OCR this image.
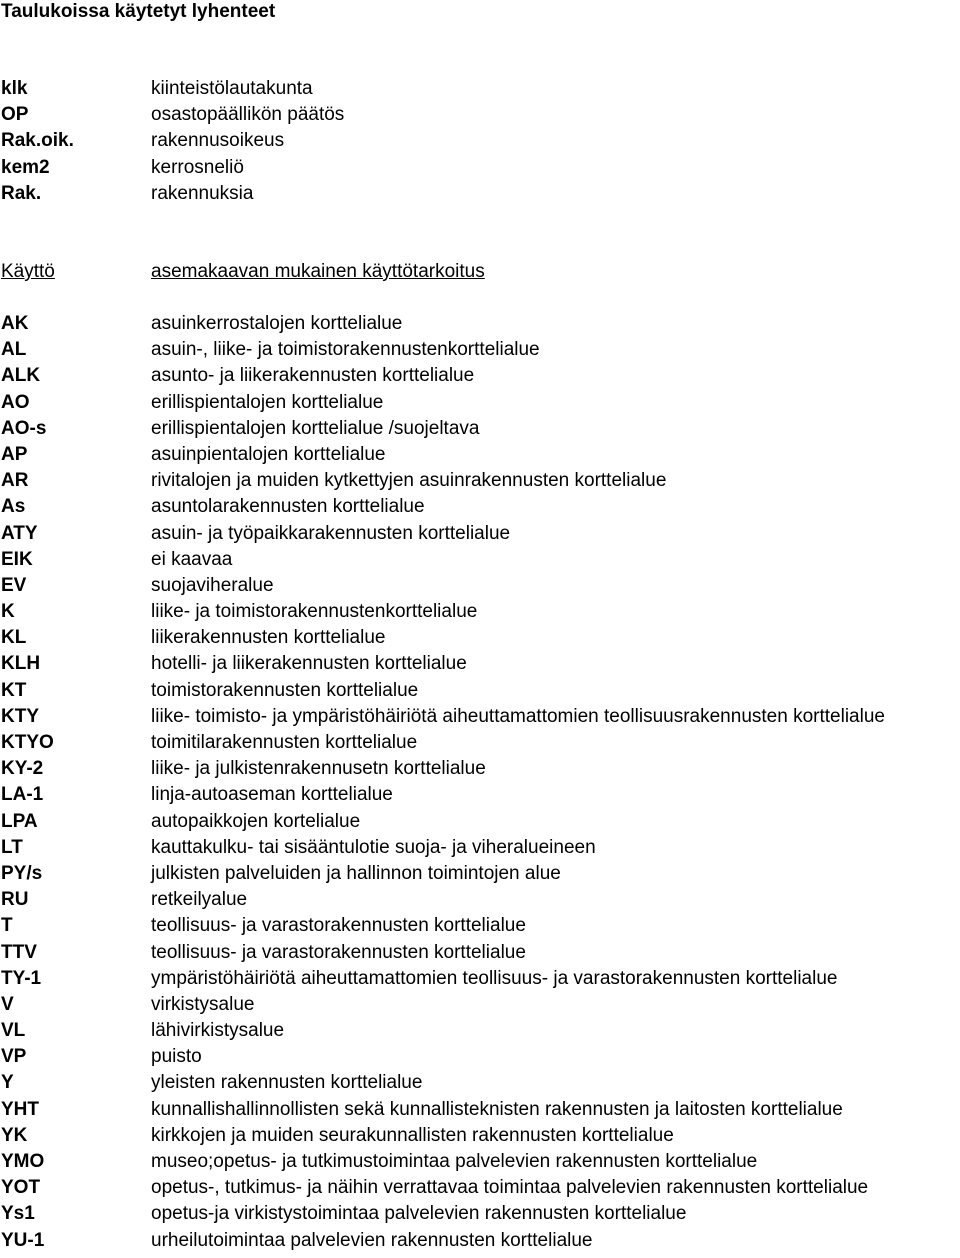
Taulukoissa käytetyt lyhenteet
klk	kiinteistölautakunta
OP	osastopäällikön päätös
Rak.oik.	rakennusoikeus
kem2	kerrosneliö
Rak.	rakennuksia
Käyttö	asemakaavan mukainen käyttötarkoitus
AK	asuinkerrostalojen korttelialue
AL	asuin-, liike- ja toimistorakennustenkorttelialue
ALK	asunto- ja liikerakennusten korttelialue
AO	erillispientalojen korttelialue
AO-s	erillispientalojen korttelialue /suojeltava
AP	asuinpientalojen korttelialue
AR	rivitalojen ja muiden kytkettyjen asuinrakennusten korttelialue
As	asuntolarakennusten korttelialue
ATY	asuin- ja työpaikkarakennusten korttelialue
EIK	ei kaavaa
EV	suojaviheralue
K	liike- ja toimistorakennustenkorttelialue
KL	liikerakennusten korttelialue
KLH	hotelli- ja liikerakennusten korttelialue
KT	toimistorakennusten korttelialue
KTY	liike- toimisto- ja ympäristöhäiriötä aiheuttamattomien teollisuusrakennusten korttelialue
KTYO	toimitilarakennusten korttelialue
KY-2	liike- ja julkistenrakennusetn korttelialue
LA-1	linja-autoaseman korttelialue
LPA	autopaikkojen kortelialue
LT	kauttakulku- tai sisääntulotie suoja- ja viheralueineen
PY/s	julkisten palveluiden ja hallinnon toimintojen alue
RU	retkeilyalue
T	teollisuus- ja varastorakennusten korttelialue
TTV	teollisuus- ja varastorakennusten korttelialue
TY-1	ympäristöhäiriötä aiheuttamattomien teollisuus- ja varastorakennusten korttelialue
V	virkistysalue
VL	lähivirkistysalue
VP	puisto
Y	yleisten rakennusten korttelialue
YHT	kunnallishallinnollisten sekä kunnallisteknisten rakennusten ja laitosten korttelialue
YK	kirkkojen ja muiden seurakunnallisten rakennusten korttelialue
YMO	museo;opetus- ja tutkimustoimintaa palvelevien rakennusten korttelialue
YOT	opetus-, tutkimus- ja näihin verrattavaa toimintaa palvelevien rakennusten korttelialue
Ys1	opetus-ja virkistystoimintaa palvelevien rakennusten korttelialue
YU-1	urheilutoimintaa palvelevien rakennusten korttelialue
